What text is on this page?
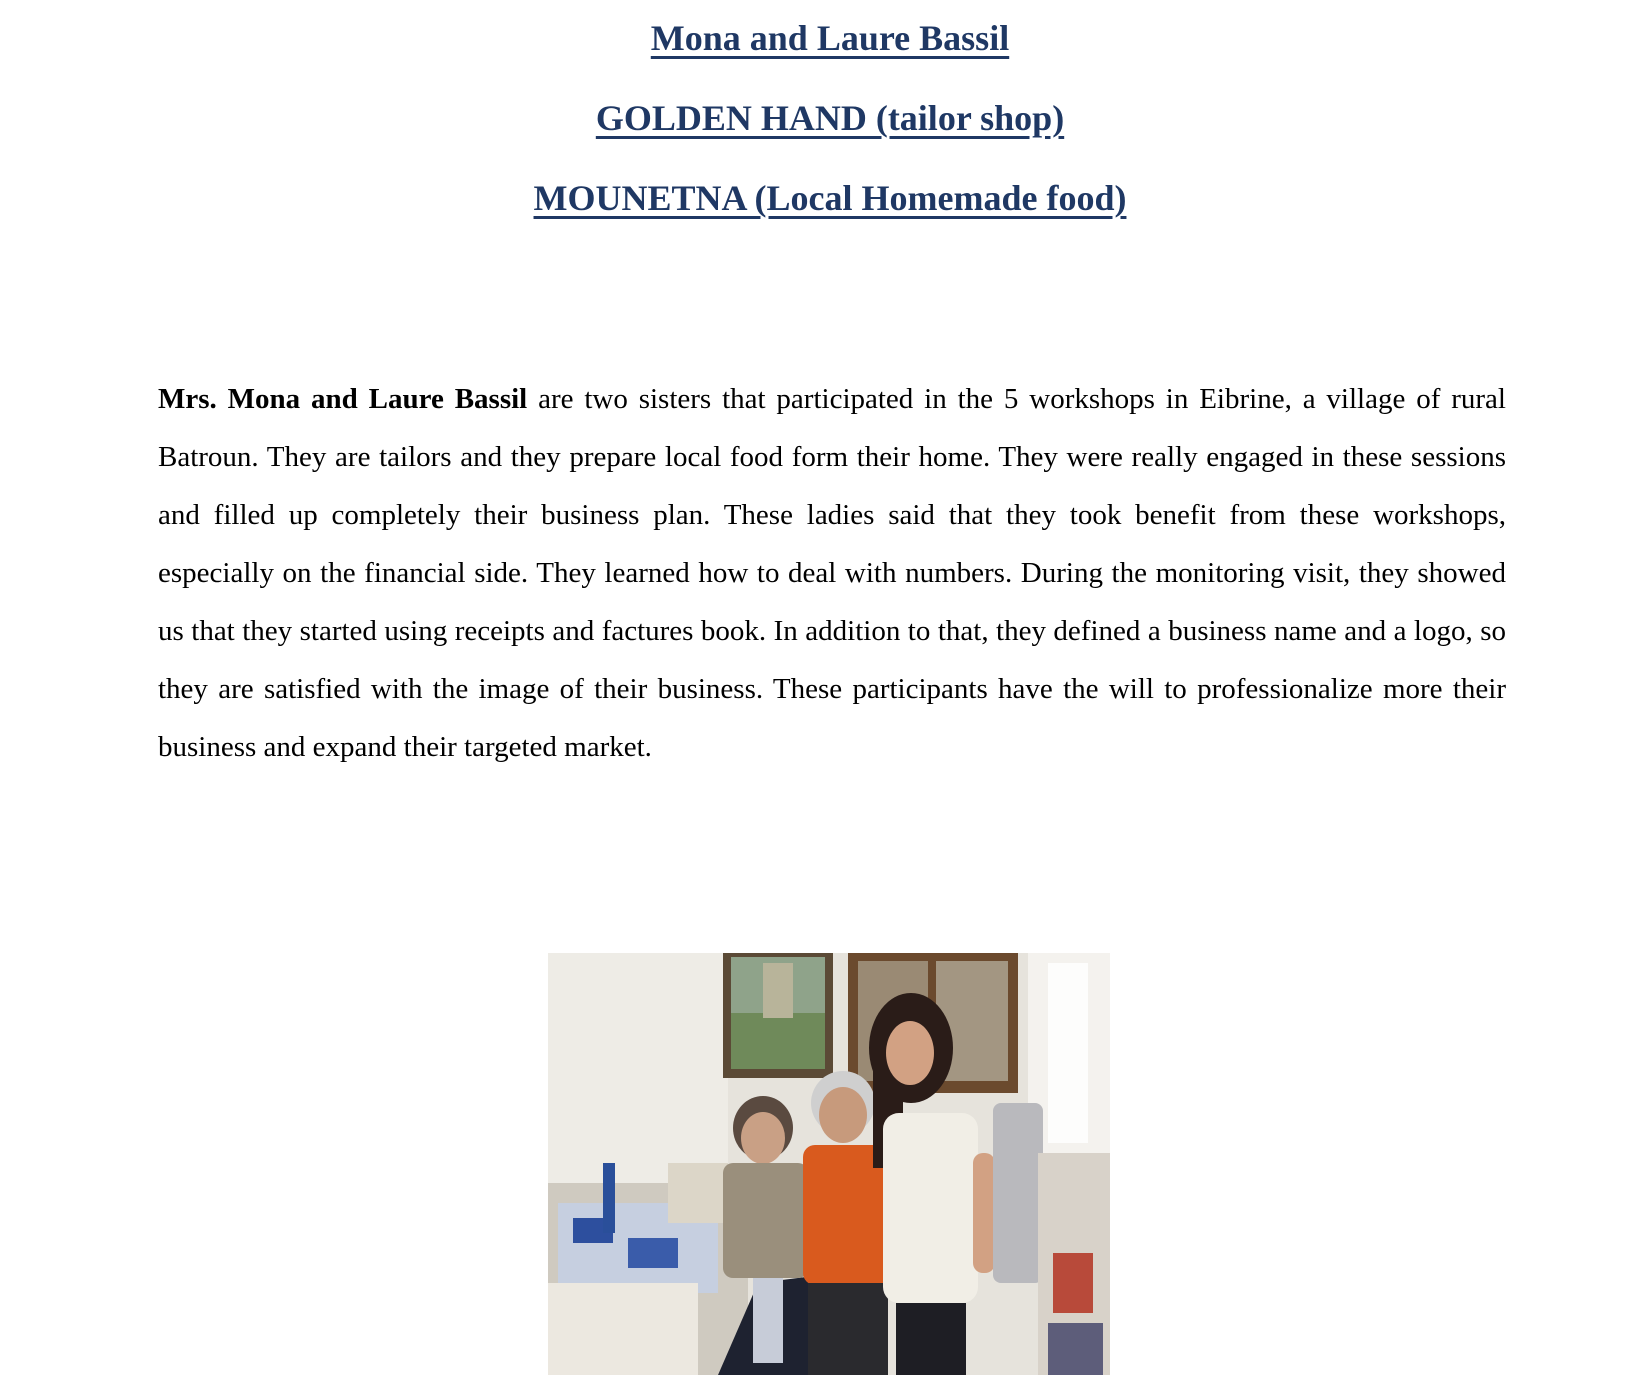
Mona and Laure Bassil
GOLDEN HAND (tailor shop)
MOUNETNA (Local Homemade food)

Mrs. Mona and Laure Bassil are two sisters that participated in the 5 workshops in Eibrine, a village of rural Batroun. They are tailors and they prepare local food form their home. They were really engaged in these sessions and filled up completely their business plan. These ladies said that they took benefit from these workshops, especially on the financial side. They learned how to deal with numbers. During the monitoring visit, they showed us that they started using receipts and factures book. In addition to that, they defined a business name and a logo, so they are satisfied with the image of their business. These participants have the will to professionalize more their business and expand their targeted market.
